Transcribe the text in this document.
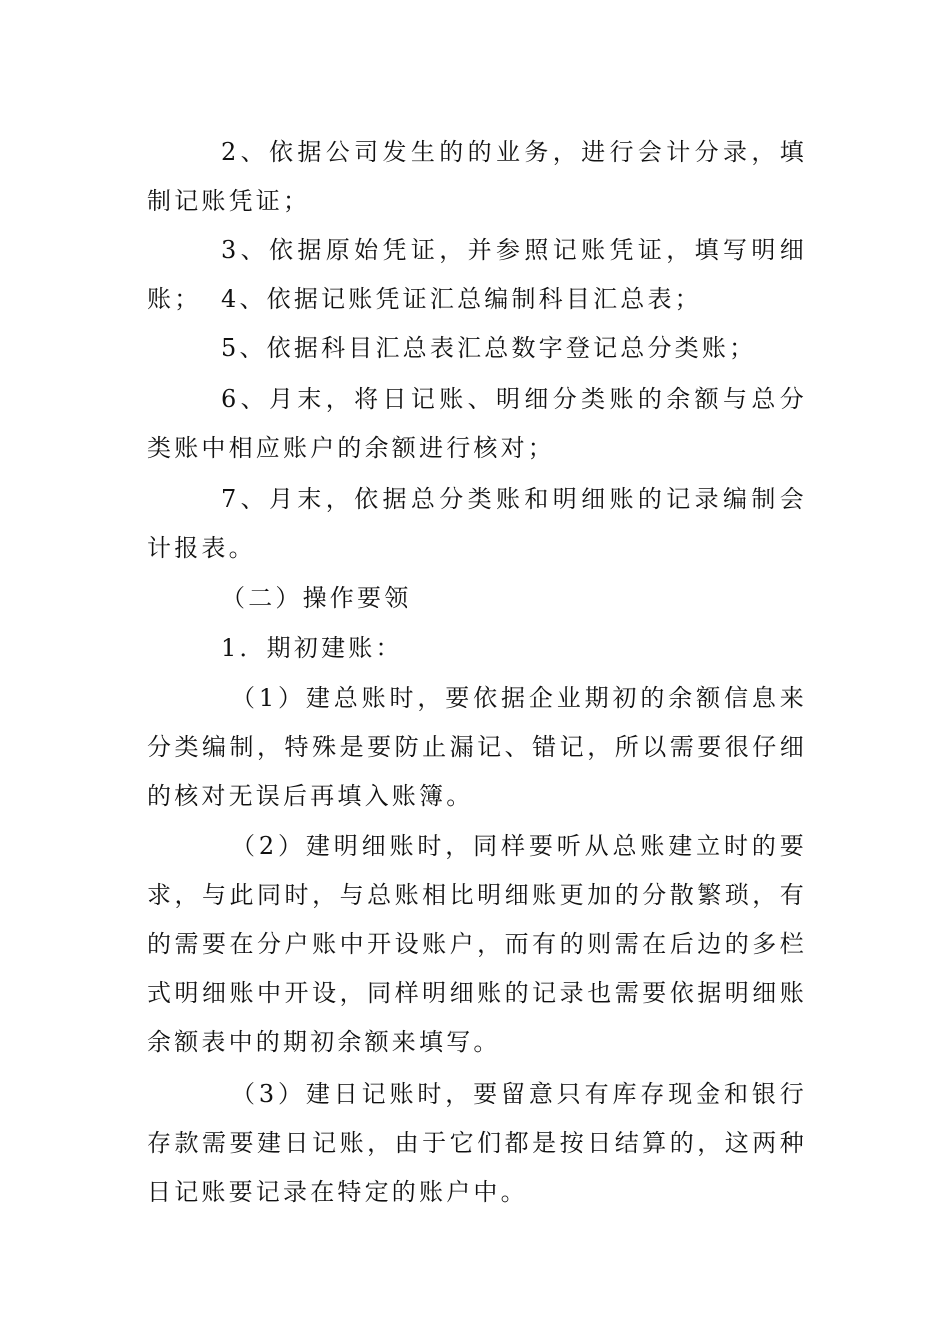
2、依据公司发生的的业务，进行会计分录，填制记账凭证；

3、依据原始凭证，并参照记账凭证，填写明细账； 4、依据记账凭证汇总编制科目汇总表；

5、依据科目汇总表汇总数字登记总分类账；

6、月末，将日记账、明细分类账的余额与总分类账中相应账户的余额进行核对；

7、月末，依据总分类账和明细账的记录编制会计报表。

（二）操作要领

1．期初建账：

（1）建总账时，要依据企业期初的余额信息来分类编制，特殊是要防止漏记、错记，所以需要很仔细的核对无误后再填入账簿。

（2）建明细账时，同样要听从总账建立时的要求，与此同时，与总账相比明细账更加的分散繁琐，有的需要在分户账中开设账户，而有的则需在后边的多栏式明细账中开设，同样明细账的记录也需要依据明细账余额表中的期初余额来填写。

（3）建日记账时，要留意只有库存现金和银行存款需要建日记账，由于它们都是按日结算的，这两种日记账要记录在特定的账户中。
